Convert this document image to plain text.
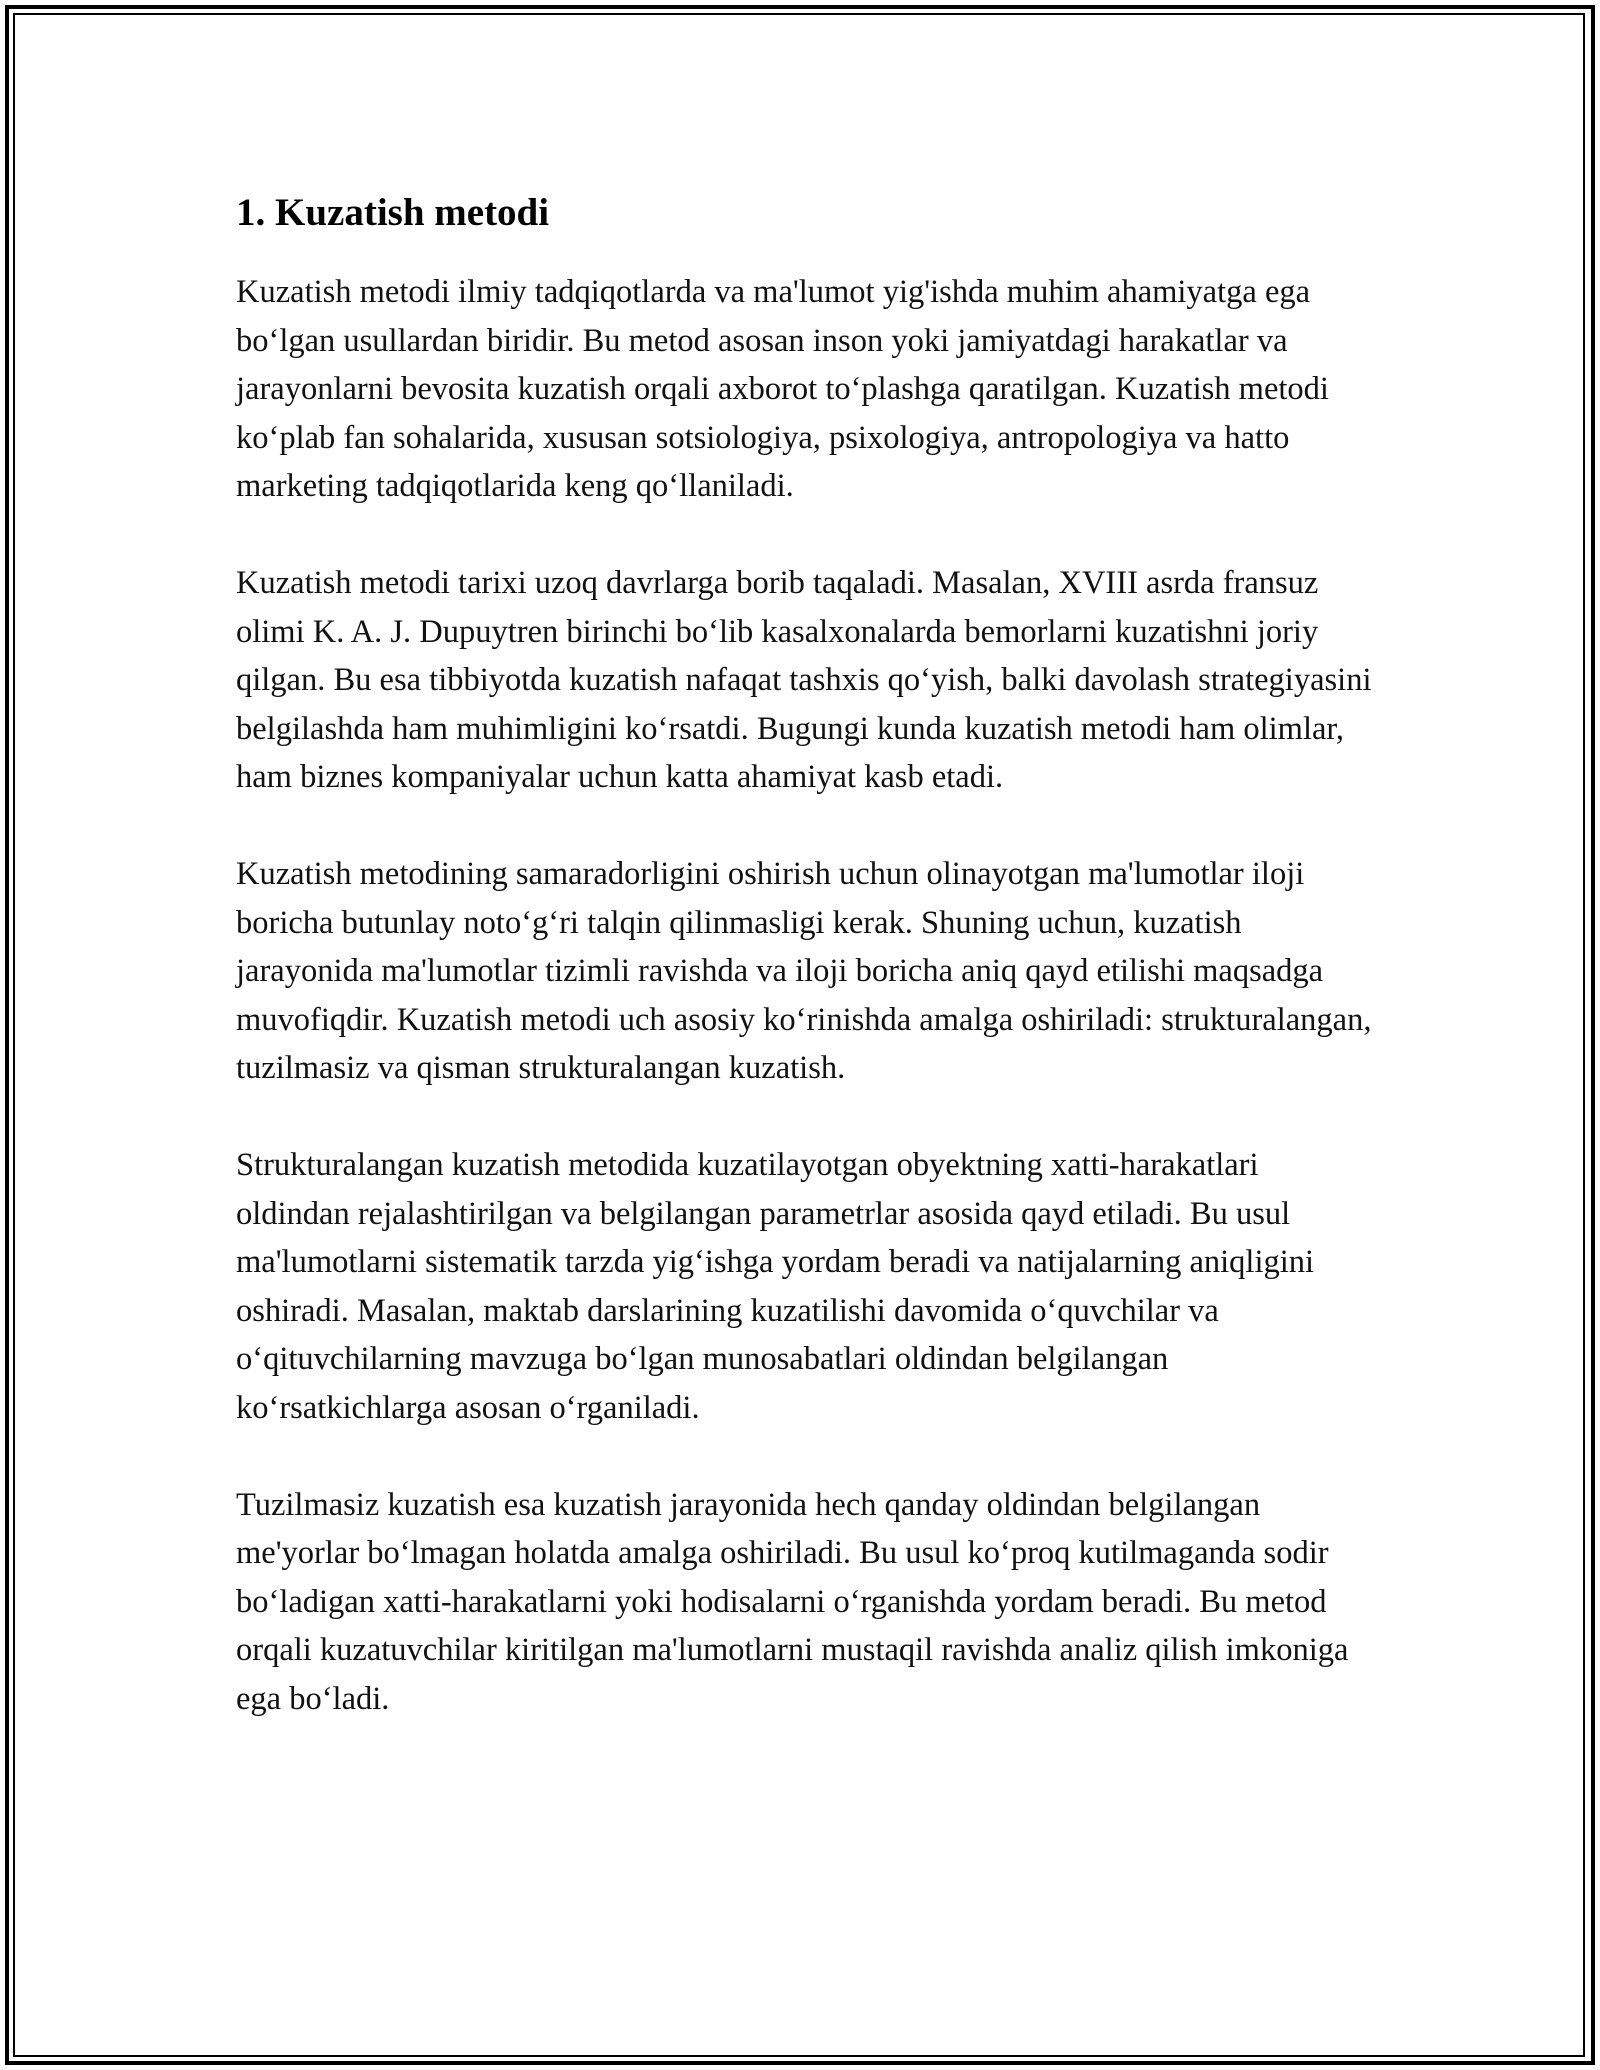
1. Kuzatish metodi

Kuzatish metodi ilmiy tadqiqotlarda va ma'lumot yig'ishda muhim ahamiyatga ega boʻlgan usullardan biridir. Bu metod asosan inson yoki jamiyatdagi harakatlar va jarayonlarni bevosita kuzatish orqali axborot toʻplashga qaratilgan. Kuzatish metodi koʻplab fan sohalarida, xususan sotsiologiya, psixologiya, antropologiya va hatto marketing tadqiqotlarida keng qoʻllaniladi.

Kuzatish metodi tarixi uzoq davrlarga borib taqaladi. Masalan, XVIII asrda fransuz olimi K. A. J. Dupuytren birinchi boʻlib kasalxonalarda bemorlarni kuzatishni joriy qilgan. Bu esa tibbiyotda kuzatish nafaqat tashxis qoʻyish, balki davolash strategiyasini belgilashda ham muhimligini koʻrsatdi. Bugungi kunda kuzatish metodi ham olimlar, ham biznes kompaniyalar uchun katta ahamiyat kasb etadi.

Kuzatish metodining samaradorligini oshirish uchun olinayotgan ma'lumotlar iloji boricha butunlay notoʻgʻri talqin qilinmasligi kerak. Shuning uchun, kuzatish jarayonida ma'lumotlar tizimli ravishda va iloji boricha aniq qayd etilishi maqsadga muvofiqdir. Kuzatish metodi uch asosiy koʻrinishda amalga oshiriladi: strukturalangan, tuzilmasiz va qisman strukturalangan kuzatish.

Strukturalangan kuzatish metodida kuzatilayotgan obyektning xatti-harakatlari oldindan rejalashtirilgan va belgilangan parametrlar asosida qayd etiladi. Bu usul ma'lumotlarni sistematik tarzda yigʻishga yordam beradi va natijalarning aniqligini oshiradi. Masalan, maktab darslarining kuzatilishi davomida oʻquvchilar va oʻqituvchilarning mavzuga boʻlgan munosabatlari oldindan belgilangan koʻrsatkichlarga asosan oʻrganiladi.

Tuzilmasiz kuzatish esa kuzatish jarayonida hech qanday oldindan belgilangan me'yorlar boʻlmagan holatda amalga oshiriladi. Bu usul koʻproq kutilmaganda sodir boʻladigan xatti-harakatlarni yoki hodisalarni oʻrganishda yordam beradi. Bu metod orqali kuzatuvchilar kiritilgan ma'lumotlarni mustaqil ravishda analiz qilish imkoniga ega boʻladi.
